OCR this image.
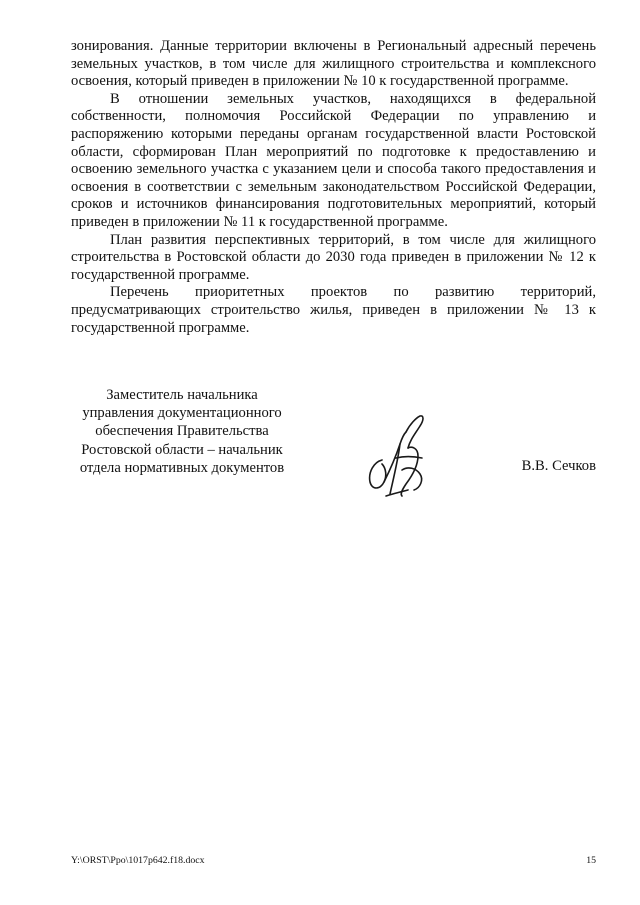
зонирования. Данные территории включены в Региональный адресный перечень земельных участков, в том числе для жилищного строительства и комплексного освоения, который приведен в приложении № 10 к государственной программе.

В отношении земельных участков, находящихся в федеральной собственности, полномочия Российской Федерации по управлению и распоряжению которыми переданы органам государственной власти Ростовской области, сформирован План мероприятий по подготовке к предоставлению и освоению земельного участка с указанием цели и способа такого предоставления и освоения в соответствии с земельным законодательством Российской Федерации, сроков и источников финансирования подготовительных мероприятий, который приведен в приложении № 11 к государственной программе.

План развития перспективных территорий, в том числе для жилищного строительства в Ростовской области до 2030 года приведен в приложении № 12 к государственной программе.

Перечень приоритетных проектов по развитию территорий, предусматривающих строительство жилья, приведен в приложении № 13 к государственной программе.

Заместитель начальника
управления документационного
обеспечения Правительства
Ростовской области – начальник
отдела нормативных документов	В.В. Сечков
Y:\ORST\Ppo\1017p642.f18.docx	15
